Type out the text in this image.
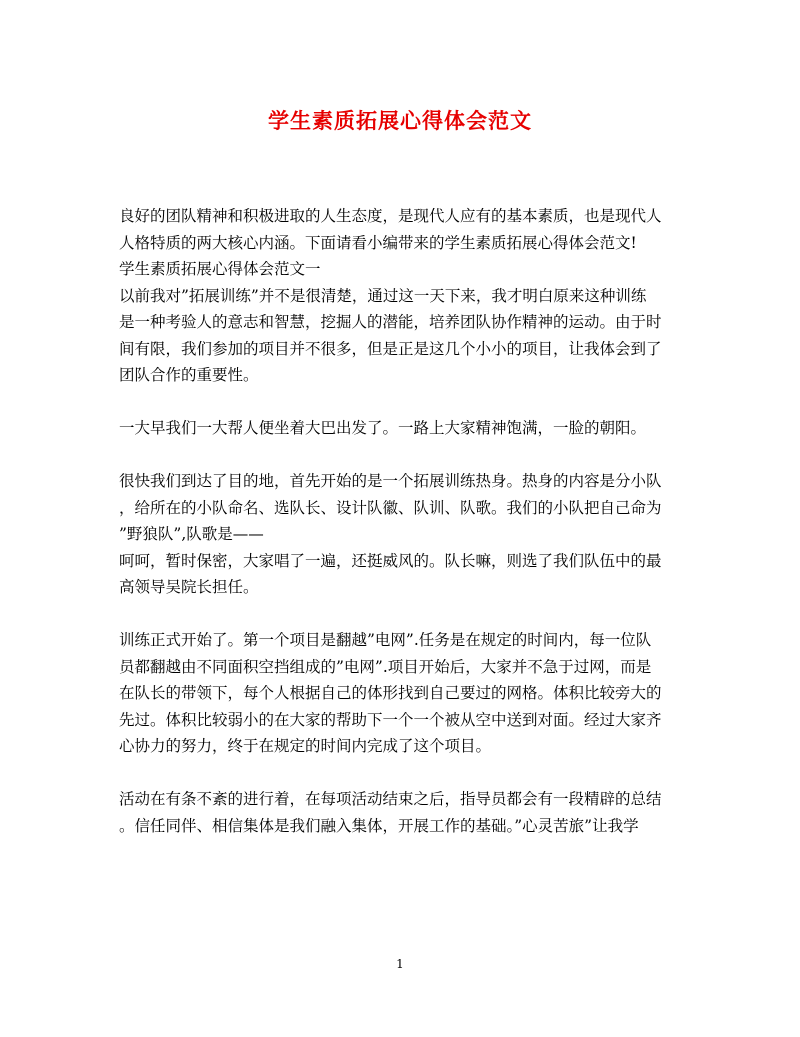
学生素质拓展心得体会范文
良好的团队精神和积极进取的人生态度，是现代人应有的基本素质，也是现代人
人格特质的两大核心内涵。下面请看小编带来的学生素质拓展心得体会范文!
学生素质拓展心得体会范文一
以前我对”拓展训练”并不是很清楚，通过这一天下来，我才明白原来这种训练
是一种考验人的意志和智慧，挖掘人的潜能，培养团队协作精神的运动。由于时
间有限，我们参加的项目并不很多，但是正是这几个小小的项目，让我体会到了
团队合作的重要性。
一大早我们一大帮人便坐着大巴出发了。一路上大家精神饱满，一脸的朝阳。
很快我们到达了目的地，首先开始的是一个拓展训练热身。热身的内容是分小队
，给所在的小队命名、选队长、设计队徽、队训、队歌。我们的小队把自己命为
”野狼队”,队歌是——
呵呵，暂时保密，大家唱了一遍，还挺威风的。队长嘛，则选了我们队伍中的最
高领导吴院长担任。
训练正式开始了。第一个项目是翻越”电网”.任务是在规定的时间内，每一位队
员都翻越由不同面积空挡组成的”电网”.项目开始后，大家并不急于过网，而是
在队长的带领下，每个人根据自己的体形找到自己要过的网格。体积比较旁大的
先过。体积比较弱小的在大家的帮助下一个一个被从空中送到对面。经过大家齐
心协力的努力，终于在规定的时间内完成了这个项目。
活动在有条不紊的进行着，在每项活动结束之后，指导员都会有一段精辟的总结
。信任同伴、相信集体是我们融入集体，开展工作的基础。”心灵苦旅”让我学
1
